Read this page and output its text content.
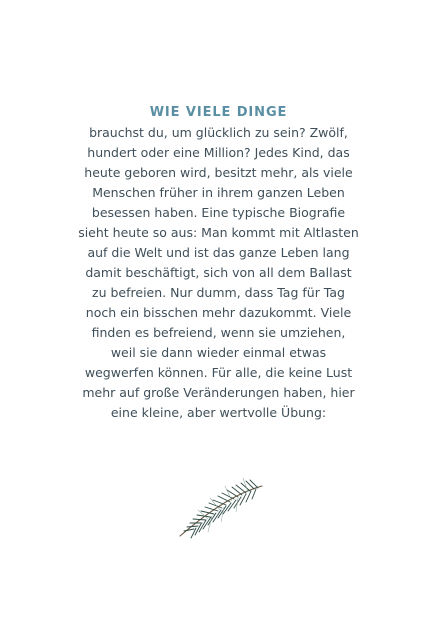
WIE VIELE DINGE

brauchst du, um glücklich zu sein? Zwölf,
hundert oder eine Million? Jedes Kind, das
heute geboren wird, besitzt mehr, als viele
Menschen früher in ihrem ganzen Leben
besessen haben. Eine typische Biografie
sieht heute so aus: Man kommt mit Altlasten
auf die Welt und ist das ganze Leben lang
damit beschäftigt, sich von all dem Ballast
zu befreien. Nur dumm, dass Tag für Tag
noch ein bisschen mehr dazukommt. Viele
finden es befreiend, wenn sie umziehen,
weil sie dann wieder einmal etwas
wegwerfen können. Für alle, die keine Lust
mehr auf große Veränderungen haben, hier
eine kleine, aber wertvolle Übung:
